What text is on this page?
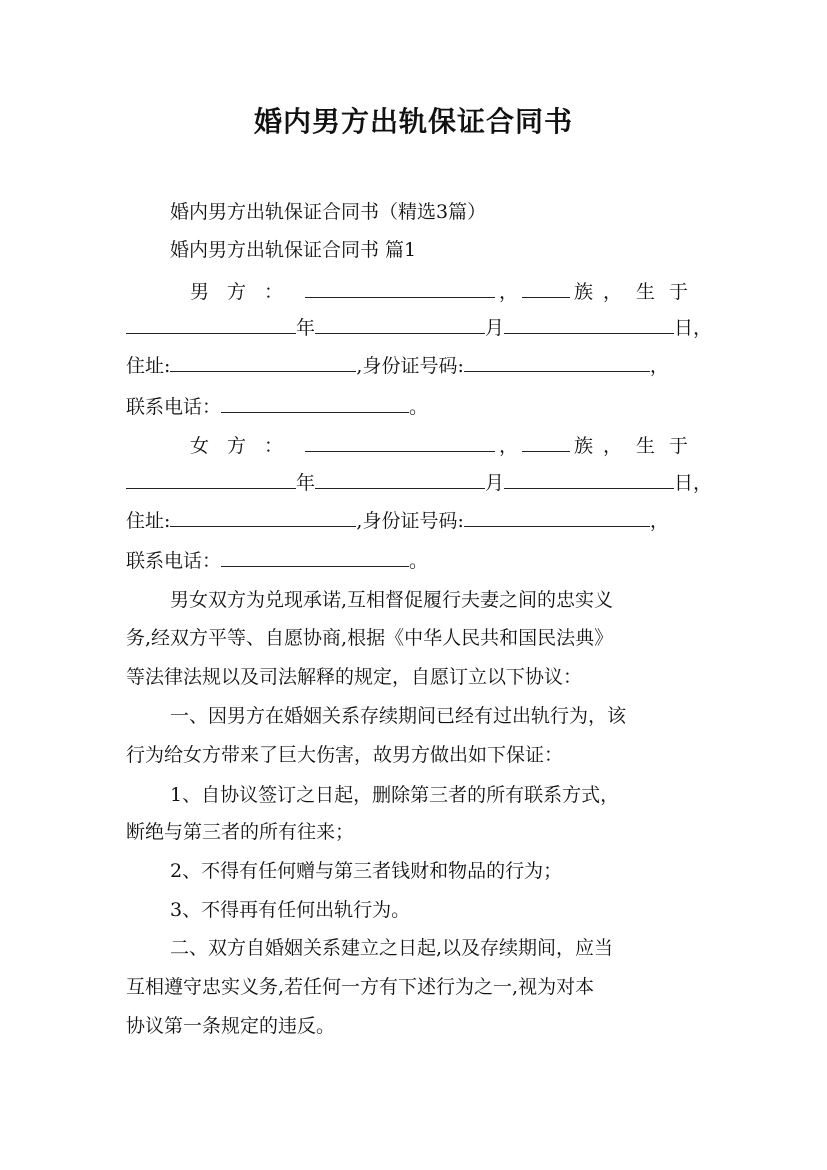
婚内男方出轨保证合同书
婚内男方出轨保证合同书（精选3篇）
婚内男方出轨保证合同书 篇1
男方：	，	族， 生于
年	月	日，
住址:	,身份证号码:	，
联系电话：	。
女方：	，	族， 生于
年	月	日，
住址:	,身份证号码:	，
联系电话：	。
男女双方为兑现承诺,互相督促履行夫妻之间的忠实义
务,经双方平等、自愿协商,根据《中华人民共和国民法典》
等法律法规以及司法解释的规定，自愿订立以下协议：
一、因男方在婚姻关系存续期间已经有过出轨行为，该
行为给女方带来了巨大伤害，故男方做出如下保证：
1、自协议签订之日起，删除第三者的所有联系方式，
断绝与第三者的所有往来；
2、不得有任何赠与第三者钱财和物品的行为；
3、不得再有任何出轨行为。
二、双方自婚姻关系建立之日起,以及存续期间，应当
互相遵守忠实义务,若任何一方有下述行为之一,视为对本
协议第一条规定的违反。
